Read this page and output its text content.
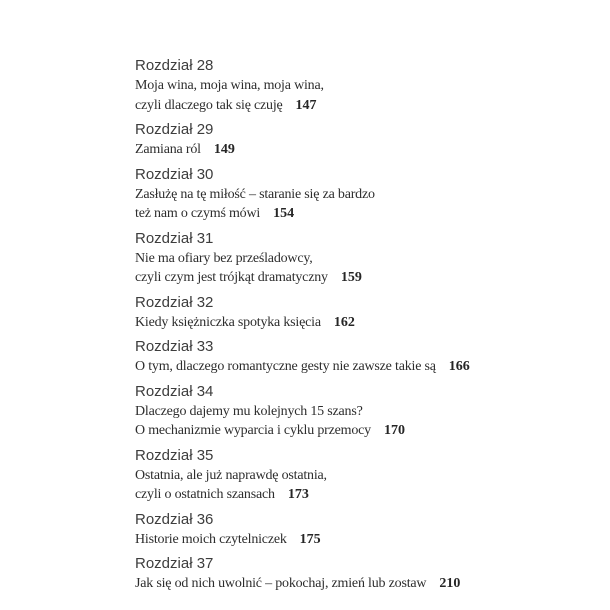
Rozdział 28
Moja wina, moja wina, moja wina,
czyli dlaczego tak się czuję 147
Rozdział 29
Zamiana ról 149
Rozdział 30
Zasłużę na tę miłość – staranie się za bardzo
też nam o czymś mówi 154
Rozdział 31
Nie ma ofiary bez prześladowcy,
czyli czym jest trójkąt dramatyczny 159
Rozdział 32
Kiedy księżniczka spotyka księcia 162
Rozdział 33
O tym, dlaczego romantyczne gesty nie zawsze takie są 166
Rozdział 34
Dlaczego dajemy mu kolejnych 15 szans?
O mechanizmie wyparcia i cyklu przemocy 170
Rozdział 35
Ostatnia, ale już naprawdę ostatnia,
czyli o ostatnich szansach 173
Rozdział 36
Historie moich czytelniczek 175
Rozdział 37
Jak się od nich uwolnić – pokochaj, zmień lub zostaw 210
